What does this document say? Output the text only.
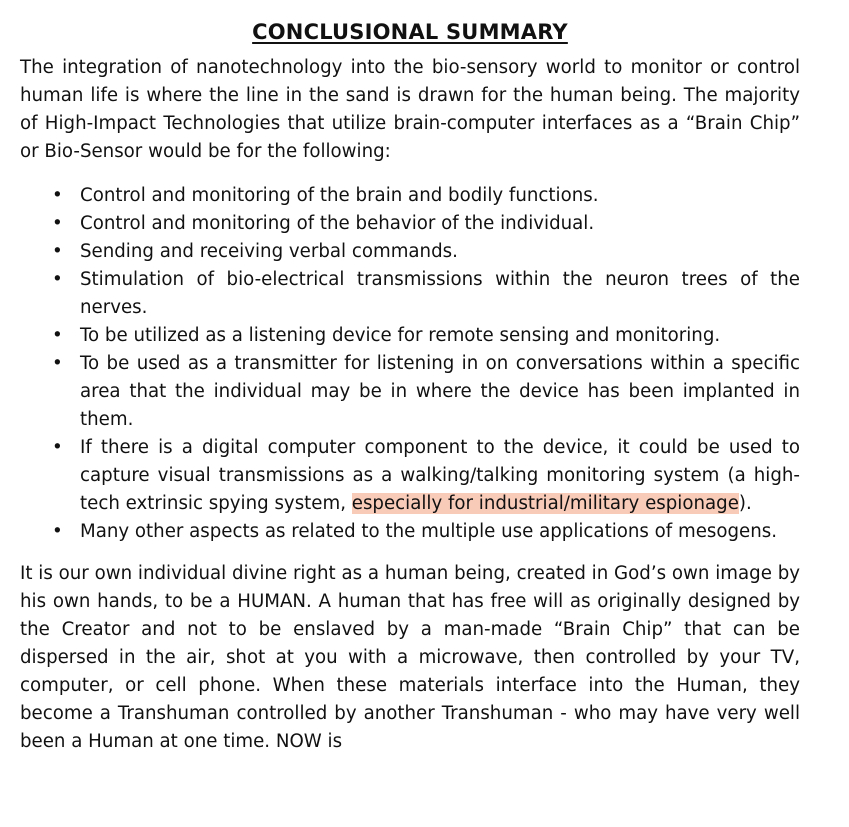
CONCLUSIONAL SUMMARY

The integration of nanotechnology into the bio-sensory world to monitor or control human life is where the line in the sand is drawn for the human being. The majority of High-Impact Technologies that utilize brain-computer interfaces as a “Brain Chip” or Bio-Sensor would be for the following:

• Control and monitoring of the brain and bodily functions.
• Control and monitoring of the behavior of the individual.
• Sending and receiving verbal commands.
• Stimulation of bio-electrical transmissions within the neuron trees of the nerves.
• To be utilized as a listening device for remote sensing and monitoring.
• To be used as a transmitter for listening in on conversations within a specific area that the individual may be in where the device has been implanted in them.
• If there is a digital computer component to the device, it could be used to capture visual transmissions as a walking/talking monitoring system (a high-tech extrinsic spying system, especially for industrial/military espionage).
• Many other aspects as related to the multiple use applications of mesogens.

It is our own individual divine right as a human being, created in God’s own image by his own hands, to be a HUMAN. A human that has free will as originally designed by the Creator and not to be enslaved by a man-made “Brain Chip” that can be dispersed in the air, shot at you with a microwave, then controlled by your TV, computer, or cell phone. When these materials interface into the Human, they become a Transhuman controlled by another Transhuman - who may have very well been a Human at one time. NOW is
